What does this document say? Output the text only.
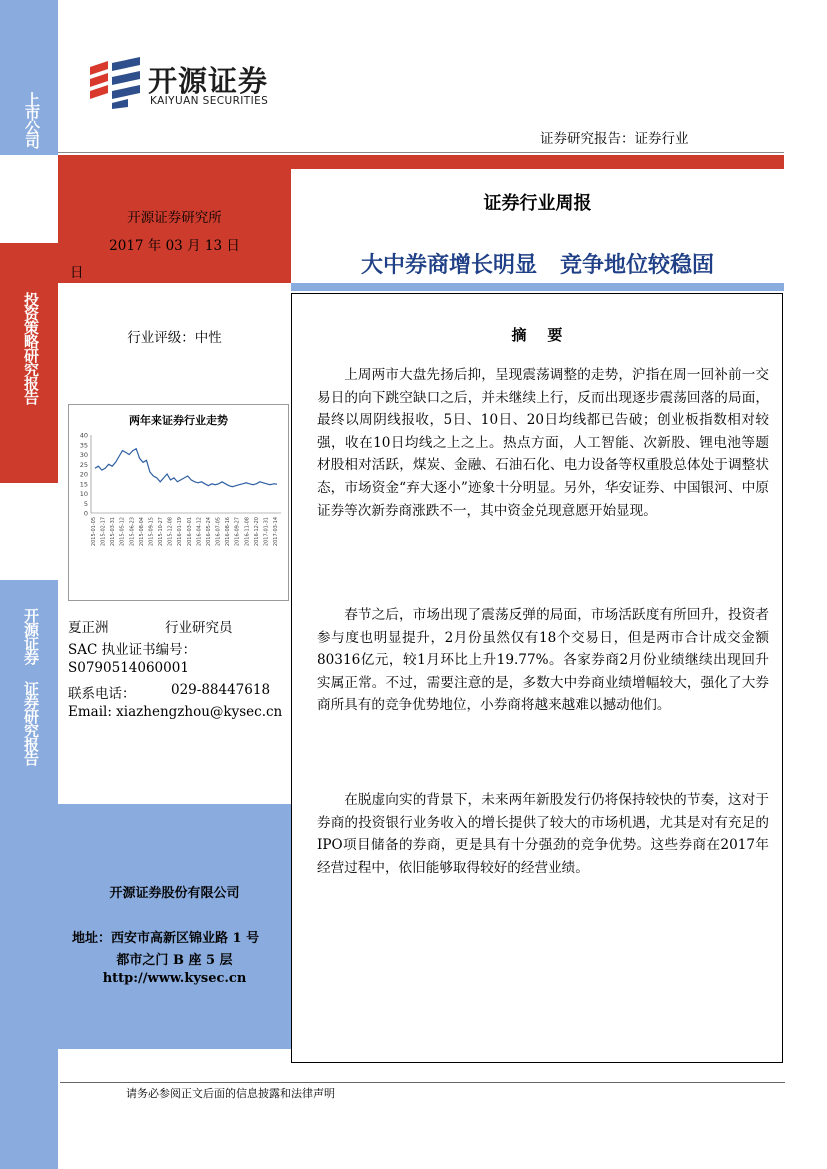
上市公司
投资策略研究报告
开源证券 证券研究报告
开源证券
KAIYUAN SECURITIES
证券研究报告：证券行业
开源证券研究所
2017 年 03 月 13 日
日
行业评级：中性
两年来证券行业走势
40
35
30
25
20
15
10
5
0
2015-01-05 2015-02-17 2015-03-31 2015-05-12 2015-06-23 2015-08-04 2015-09-15 2015-10-27 2015-12-08 2016-01-19 2016-03-01 2016-04-12 2016-05-24 2016-07-05 2016-08-16 2016-09-27 2016-11-08 2016-12-20 2017-01-31 2017-03-14
夏正洲	行业研究员
SAC 执业证书编号：
S0790514060001
联系电话：	029-88447618
Email: xiazhengzhou@kysec.cn
开源证券股份有限公司
地址：西安市高新区锦业路 1 号
都市之门 B 座 5 层
http://www.kysec.cn
证券行业周报
大中券商增长明显   竞争地位较稳固
摘    要

上周两市大盘先扬后抑，呈现震荡调整的走势，沪指在周一回补前一交易日的向下跳空缺口之后，并未继续上行，反而出现逐步震荡回落的局面，最终以周阴线报收，5日、10日、20日均线都已告破；创业板指数相对较强，收在10日均线之上之上。热点方面，人工智能、次新股、锂电池等题材股相对活跃，煤炭、金融、石油石化、电力设备等权重股总体处于调整状态，市场资金“弃大逐小”迹象十分明显。另外，华安证券、中国银河、中原证券等次新券商涨跌不一，其中资金兑现意愿开始显现。

春节之后，市场出现了震荡反弹的局面，市场活跃度有所回升，投资者参与度也明显提升，2月份虽然仅有18个交易日，但是两市合计成交金额80316亿元，较1月环比上升19.77%。各家券商2月份业绩继续出现回升实属正常。不过，需要注意的是，多数大中券商业绩增幅较大，强化了大券商所具有的竞争优势地位，小券商将越来越难以撼动他们。

在脱虚向实的背景下，未来两年新股发行仍将保持较快的节奏，这对于券商的投资银行业务收入的增长提供了较大的市场机遇，尤其是对有充足的IPO项目储备的券商，更是具有十分强劲的竞争优势。这些券商在2017年经营过程中，依旧能够取得较好的经营业绩。

请务必参阅正文后面的信息披露和法律声明
